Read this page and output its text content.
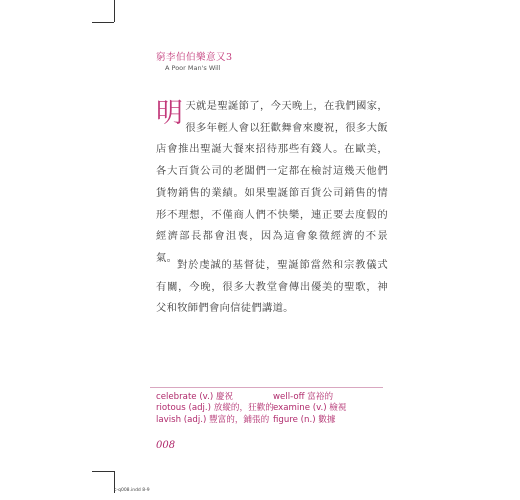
窮李伯伯樂意又3
A Poor Man's Will
明天就是聖誕節了，今天晚上，在我們國家，很多年輕人會以狂歡舞會來慶祝，很多大飯店會推出聖誕大餐來招待那些有錢人。在歐美，各大百貨公司的老闆們一定都在檢討這幾天他們貨物銷售的業績。如果聖誕節百貨公司銷售的情形不理想，不僅商人們不快樂，連正要去度假的經濟部長都會沮喪，因為這會象徵經濟的不景氣。
對於虔誠的基督徒，聖誕節當然和宗教儀式有關，今晚，很多大教堂會傳出優美的聖歌，神父和牧師們會向信徒們講道。
celebrate (v.) 慶祝
riotous (adj.) 放縱的，狂歡的
lavish (adj.) 豐富的，鋪張的
well-off 富裕的
examine (v.) 檢視
figure (n.) 數據
008
c-q008.indd 8-9
